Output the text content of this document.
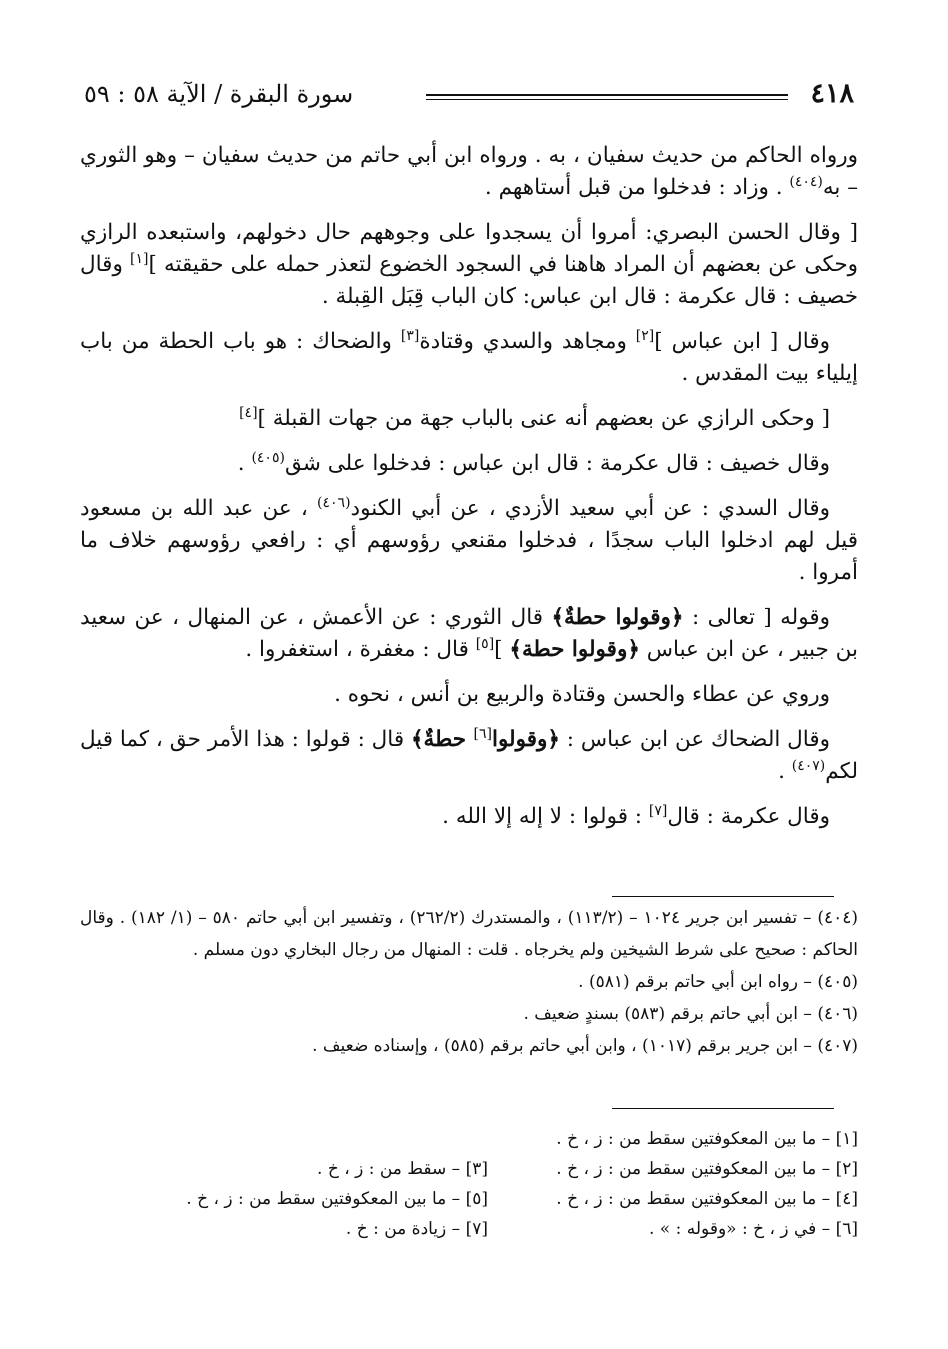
٤١٨
سورة البقرة / الآية ٥٨ : ٥٩

ورواه الحاكم من حديث سفيان ، به . ورواه ابن أبي حاتم من حديث سفيان – وهو الثوري – به$^{(٤٠٤)}$ . وزاد : فدخلوا من قبل أستاههم .

[ وقال الحسن البصري: أمروا أن يسجدوا على وجوههم حال دخولهم، واستبعده الرازي وحكى عن بعضهم أن المراد هاهنا في السجود الخضوع لتعذر حمله على حقيقته ][١] وقال خصيف : قال عكرمة : قال ابن عباس: كان الباب قِبَل القِبلة .

وقال [ ابن عباس ][٢] ومجاهد والسدي وقتادة[٣] والضحاك : هو باب الحطة من باب إيلياء بيت المقدس .

[ وحكى الرازي عن بعضهم أنه عنى بالباب جهة من جهات القبلة ][٤]

وقال خصيف : قال عكرمة : قال ابن عباس : فدخلوا على شق$^{(٤٠٥)}$ .

وقال السدي : عن أبي سعيد الأزدي ، عن أبي الكنود$^{(٤٠٦)}$ ، عن عبد الله بن مسعود قيل لهم ادخلوا الباب سجدًا ، فدخلوا مقنعي رؤوسهم أي : رافعي رؤوسهم خلاف ما أمروا .

وقوله [ تعالى : ﴿وقولوا حطةٌ﴾ قال الثوري : عن الأعمش ، عن المنهال ، عن سعيد بن جبير ، عن ابن عباس ﴿وقولوا حطة﴾ ][٥] قال : مغفرة ، استغفروا .

وروي عن عطاء والحسن وقتادة والربيع بن أنس ، نحوه .

وقال الضحاك عن ابن عباس : ﴿وقولوا[٦] حطةٌ﴾ قال : قولوا : هذا الأمر حق ، كما قيل لكم$^{(٤٠٧)}$ .

وقال عكرمة : قال[٧] : قولوا : لا إله إلا الله .

(٤٠٤) – تفسير ابن جرير ١٠٢٤ – (١١٣/٢) ، والمستدرك (٢٦٢/٢) ، وتفسير ابن أبي حاتم ٥٨٠ – (١/ ١٨٢) . وقال الحاكم : صحيح على شرط الشيخين ولم يخرجاه . قلت : المنهال من رجال البخاري دون مسلم .

(٤٠٥) – رواه ابن أبي حاتم برقم (٥٨١) .

(٤٠٦) – ابن أبي حاتم برقم (٥٨٣) بسندٍ ضعيف .

(٤٠٧) – ابن جرير برقم (١٠١٧) ، وابن أبي حاتم برقم (٥٨٥) ، وإسناده ضعيف .

[١] – ما بين المعكوفتين سقط من : ز ، خ .
[٢] – ما بين المعكوفتين سقط من : ز ، خ .
[٣] – سقط من : ز ، خ .
[٤] – ما بين المعكوفتين سقط من : ز ، خ .
[٥] – ما بين المعكوفتين سقط من : ز ، خ .
[٦] – في ز ، خ : «وقوله : » .
[٧] – زيادة من : خ .
